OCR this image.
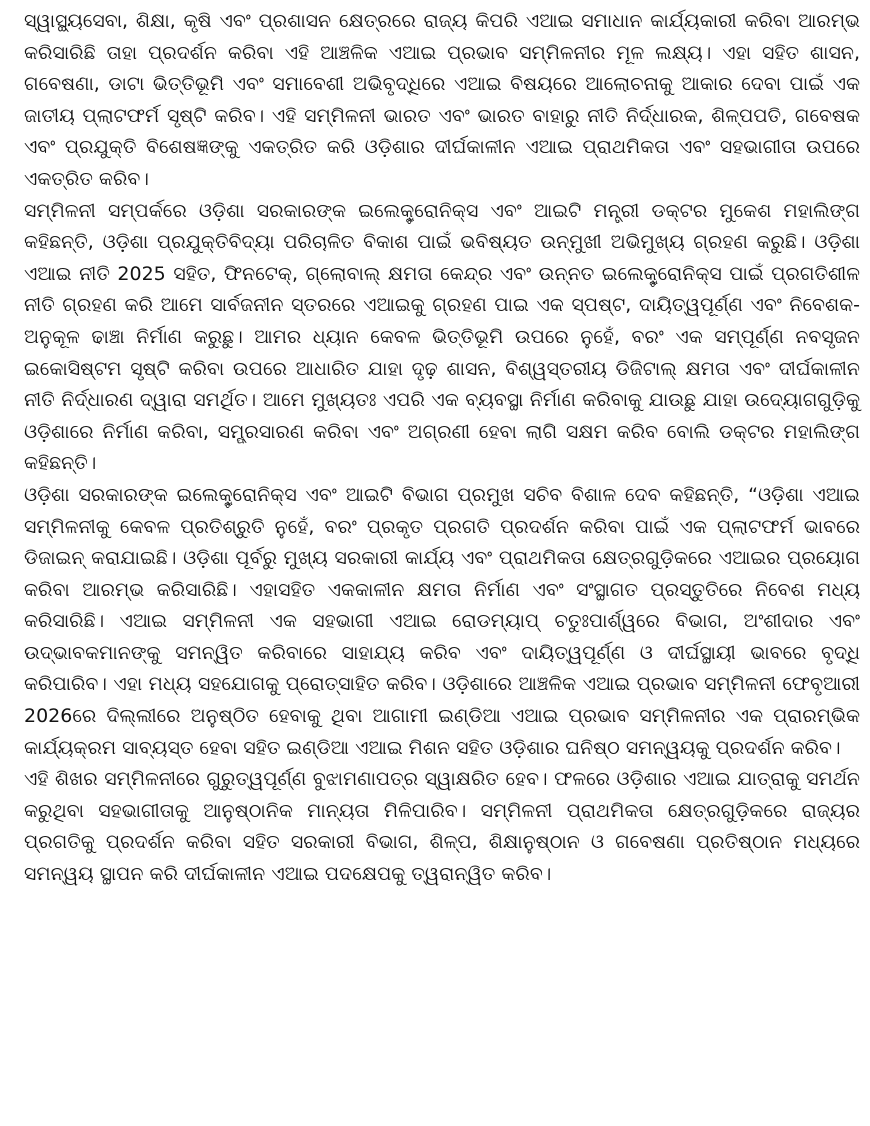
ସ୍ୱାସ୍ଥ୍ୟସେବା, ଶିକ୍ଷା, କୃଷି ଏବଂ ପ୍ରଶାସନ କ୍ଷେତ୍ରରେ ରାଜ୍ୟ କିପରି ଏଆଇ ସମାଧାନ କାର୍ଯ୍ୟକାରୀ କରିବା ଆରମ୍ଭ କରିସାରିଛି ତାହା ପ୍ରଦର୍ଶନ କରିବା ଏହି ଆଞ୍ଚଳିକ ଏଆଇ ପ୍ରଭାବ ସମ୍ମିଳନୀର ମୂଳ ଲକ୍ଷ୍ୟ। ଏହା ସହିତ ଶାସନ, ଗବେଷଣା, ଡାଟା ଭିତ୍ତିଭୂମି ଏବଂ ସମାବେଶୀ ଅଭିବୃଦ୍ଧିରେ ଏଆଇ ବିଷୟରେ ଆଲୋଚନାକୁ ଆକାର ଦେବା ପାଇଁ ଏକ ଜାତୀୟ ପ୍ଲାଟଫର୍ମ ସୃଷ୍ଟି କରିବ। ଏହି ସମ୍ମିଳନୀ ଭାରତ ଏବଂ ଭାରତ ବାହାରୁ ନୀତି ନିର୍ଦ୍ଧାରକ, ଶିଳ୍ପପତି, ଗବେଷକ ଏବଂ ପ୍ରଯୁକ୍ତି ବିଶେଷଜ୍ଞଙ୍କୁ ଏକତ୍ରିତ କରି ଓଡ଼ିଶାର ଦୀର୍ଘକାଳୀନ ଏଆଇ ପ୍ରାଥମିକତା ଏବଂ ସହଭାଗୀତା ଉପରେ ଏକତ୍ରିତ କରିବ।

ସମ୍ମିଳନୀ ସମ୍ପର୍କରେ ଓଡ଼ିଶା ସରକାରଙ୍କ ଇଲେକ୍ଟ୍ରୋନିକ୍ସ ଏବଂ ଆଇଟି ମନ୍ତ୍ରୀ ଡକ୍ଟର ମୁକେଶ ମହାଲିଙ୍ଗ କହିଛନ୍ତି, ଓଡ଼ିଶା ପ୍ରଯୁକ୍ତିବିଦ୍ୟା ପରିଚାଳିତ ବିକାଶ ପାଇଁ ଭବିଷ୍ୟତ ଉନ୍ମୁଖୀ ଅଭିମୁଖ୍ୟ ଗ୍ରହଣ କରୁଛି। ଓଡ଼ିଶା ଏଆଇ ନୀତି 2025 ସହିତ, ଫିନଟେକ୍, ଗ୍ଲୋବାଲ୍ କ୍ଷମତା କେନ୍ଦ୍ର ଏବଂ ଉନ୍ନତ ଇଲେକ୍ଟ୍ରୋନିକ୍ସ ପାଇଁ ପ୍ରଗତିଶୀଳ ନୀତି ଗ୍ରହଣ କରି ଆମେ ସାର୍ବଜନୀନ ସ୍ତରରେ ଏଆଇକୁ ଗ୍ରହଣ ପାଇ ଏକ ସ୍ପଷ୍ଟ, ଦାୟିତ୍ୱପୂର୍ଣ୍ଣ ଏବଂ ନିବେଶକ-ଅନୁକୂଳ ଢାଞ୍ଚା ନିର୍ମାଣ କରୁଛୁ। ଆମର ଧ୍ୟାନ କେବଳ ଭିତ୍ତିଭୂମି ଉପରେ ନୁହେଁ, ବରଂ ଏକ ସମ୍ପୂର୍ଣ୍ଣ ନବସୃଜନ ଇକୋସିଷ୍ଟମ ସୃଷ୍ଟି କରିବା ଉପରେ ଆଧାରିତ ଯାହା ଦୃଢ଼ ଶାସନ, ବିଶ୍ୱସ୍ତରୀୟ ଡିଜିଟାଲ୍ କ୍ଷମତା ଏବଂ ଦୀର୍ଘକାଳୀନ ନୀତି ନିର୍ଦ୍ଧାରଣ ଦ୍ୱାରା ସମର୍ଥିତ। ଆମେ ମୁଖ୍ୟତଃ ଏପରି ଏକ ବ୍ୟବସ୍ଥା ନିର୍ମାଣ କରିବାକୁ ଯାଉଛୁ ଯାହା ଉଦ୍ୟୋଗଗୁଡ଼ିକୁ ଓଡ଼ିଶାରେ ନିର୍ମାଣ କରିବା, ସମ୍ପ୍ରସାରଣ କରିବା ଏବଂ ଅଗ୍ରଣୀ ହେବା ଲାଗି ସକ୍ଷମ କରିବ ବୋଲି ଡକ୍ଟର ମହାଲିଙ୍ଗ କହିଛନ୍ତି।

ଓଡ଼ିଶା ସରକାରଙ୍କ ଇଲେକ୍ଟ୍ରୋନିକ୍ସ ଏବଂ ଆଇଟି ବିଭାଗ ପ୍ରମୁଖ ସଚିବ ବିଶାଳ ଦେବ କହିଛନ୍ତି, “ଓଡ଼ିଶା ଏଆଇ ସମ୍ମିଳନୀକୁ କେବଳ ପ୍ରତିଶ୍ରୁତି ନୁହେଁ, ବରଂ ପ୍ରକୃତ ପ୍ରଗତି ପ୍ରଦର୍ଶନ କରିବା ପାଇଁ ଏକ ପ୍ଲାଟଫର୍ମ ଭାବରେ ଡିଜାଇନ୍ କରାଯାଇଛି। ଓଡ଼ିଶା ପୂର୍ବରୁ ମୁଖ୍ୟ ସରକାରୀ କାର୍ଯ୍ୟ ଏବଂ ପ୍ରାଥମିକତା କ୍ଷେତ୍ରଗୁଡ଼ିକରେ ଏଆଇର ପ୍ରୟୋଗ କରିବା ଆରମ୍ଭ କରିସାରିଛି। ଏହାସହିତ ଏକକାଳୀନ କ୍ଷମତା ନିର୍ମାଣ ଏବଂ ସଂସ୍ଥାଗତ ପ୍ରସ୍ତୁତିରେ ନିବେଶ ମଧ୍ୟ କରିସାରିଛି। ଏଆଇ ସମ୍ମିଳନୀ ଏକ ସହଭାଗୀ ଏଆଇ ରୋଡମ୍ୟାପ୍ ଚତୁଃପାର୍ଶ୍ୱରେ ବିଭାଗ, ଅଂଶୀଦାର ଏବଂ ଉଦ୍ଭାବକମାନଙ୍କୁ ସମନ୍ୱିତ କରିବାରେ ସାହାଯ୍ୟ କରିବ ଏବଂ ଦାୟିତ୍ୱପୂର୍ଣ୍ଣ ଓ ଦୀର୍ଘସ୍ଥାୟୀ ଭାବରେ ବୃଦ୍ଧି କରିପାରିବ। ଏହା ମଧ୍ୟ ସହଯୋଗକୁ ପ୍ରୋତ୍ସାହିତ କରିବ। ଓଡ଼ିଶାରେ ଆଞ୍ଚଳିକ ଏଆଇ ପ୍ରଭାବ ସମ୍ମିଳନୀ ଫେବୃଆରୀ 2026ରେ ଦିଲ୍ଲୀରେ ଅନୁଷ୍ଠିତ ହେବାକୁ ଥିବା ଆଗାମୀ ଇଣ୍ଡିଆ ଏଆଇ ପ୍ରଭାବ ସମ୍ମିଳନୀର ଏକ ପ୍ରାରମ୍ଭିକ କାର୍ଯ୍ୟକ୍ରମ ସାବ୍ୟସ୍ତ ହେବା ସହିତ ଇଣ୍ଡିଆ ଏଆଇ ମିଶନ ସହିତ ଓଡ଼ିଶାର ଘନିଷ୍ଠ ସମନ୍ୱୟକୁ ପ୍ରଦର୍ଶନ କରିବ।

ଏହି ଶିଖର ସମ୍ମିଳନୀରେ ଗୁରୁତ୍ୱପୂର୍ଣ୍ଣ ବୁଝାମଣାପତ୍ର ସ୍ୱାକ୍ଷରିତ ହେବ। ଫଳରେ ଓଡ଼ିଶାର ଏଆଇ ଯାତ୍ରାକୁ ସମର୍ଥନ କରୁଥିବା ସହଭାଗୀତାକୁ ଆନୁଷ୍ଠାନିକ ମାନ୍ୟତା ମିଳିପାରିବ। ସମ୍ମିଳନୀ ପ୍ରାଥମିକତା କ୍ଷେତ୍ରଗୁଡ଼ିକରେ ରାଜ୍ୟର ପ୍ରଗତିକୁ ପ୍ରଦର୍ଶନ କରିବା ସହିତ ସରକାରୀ ବିଭାଗ, ଶିଳ୍ପ, ଶିକ୍ଷାନୁଷ୍ଠାନ ଓ ଗବେଷଣା ପ୍ରତିଷ୍ଠାନ ମଧ୍ୟରେ ସମନ୍ୱୟ ସ୍ଥାପନ କରି ଦୀର୍ଘକାଳୀନ ଏଆଇ ପଦକ୍ଷେପକୁ ତ୍ୱରାନ୍ୱିତ କରିବ।
